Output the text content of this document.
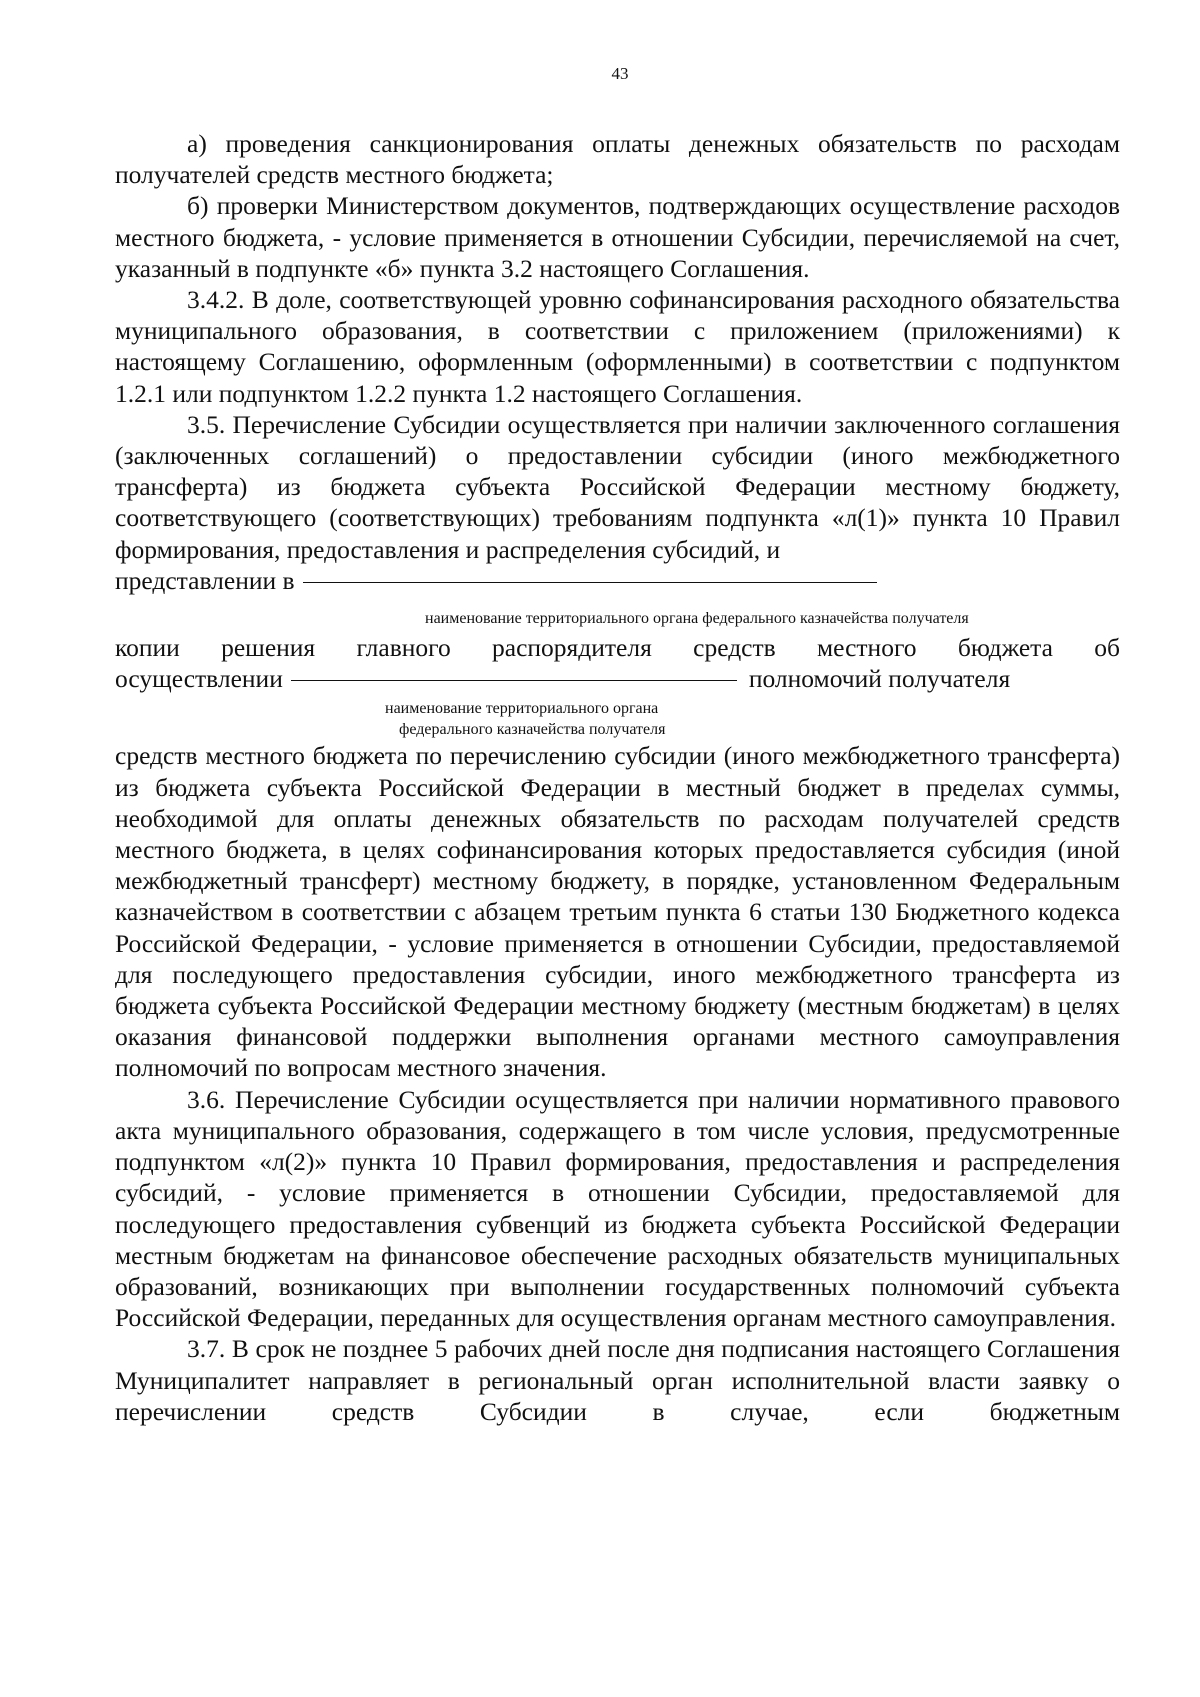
43

а) проведения санкционирования оплаты денежных обязательств по расходам получателей средств местного бюджета;

б) проверки Министерством документов, подтверждающих осуществление расходов местного бюджета, - условие применяется в отношении Субсидии, перечисляемой на счет, указанный в подпункте «б» пункта 3.2 настоящего Соглашения.

3.4.2. В доле, соответствующей уровню софинансирования расходного обязательства муниципального образования, в соответствии с приложением (приложениями) к настоящему Соглашению, оформленным (оформленными) в соответствии с подпунктом 1.2.1 или подпунктом 1.2.2 пункта 1.2 настоящего Соглашения.

3.5. Перечисление Субсидии осуществляется при наличии заключенного соглашения (заключенных соглашений) о предоставлении субсидии (иного межбюджетного трансферта) из бюджета субъекта Российской Федерации местному бюджету, соответствующего (соответствующих) требованиям подпункта «л(1)» пункта 10 Правил формирования, предоставления и распределения субсидий, и

представлении в
наименование территориального органа федерального казначейства получателя

копии решения главного распорядителя средств местного бюджета об

осуществлении	полномочий получателя
наименование территориального органа
федерального казначейства получателя

средств местного бюджета по перечислению субсидии (иного межбюджетного трансферта) из бюджета субъекта Российской Федерации в местный бюджет в пределах суммы, необходимой для оплаты денежных обязательств по расходам получателей средств местного бюджета, в целях софинансирования которых предоставляется субсидия (иной межбюджетный трансферт) местному бюджету, в порядке, установленном Федеральным казначейством в соответствии с абзацем третьим пункта 6 статьи 130 Бюджетного кодекса Российской Федерации, - условие применяется в отношении Субсидии, предоставляемой для последующего предоставления субсидии, иного межбюджетного трансферта из бюджета субъекта Российской Федерации местному бюджету (местным бюджетам) в целях оказания финансовой поддержки выполнения органами местного самоуправления полномочий по вопросам местного значения.

3.6. Перечисление Субсидии осуществляется при наличии нормативного правового акта муниципального образования, содержащего в том числе условия, предусмотренные подпунктом «л(2)» пункта 10 Правил формирования, предоставления и распределения субсидий, - условие применяется в отношении Субсидии, предоставляемой для последующего предоставления субвенций из бюджета субъекта Российской Федерации местным бюджетам на финансовое обеспечение расходных обязательств муниципальных образований, возникающих при выполнении государственных полномочий субъекта Российской Федерации, переданных для осуществления органам местного самоуправления.

3.7. В срок не позднее 5 рабочих дней после дня подписания настоящего Соглашения Муниципалитет направляет в региональный орган исполнительной власти заявку о перечислении средств Субсидии в случае, если бюджетным
